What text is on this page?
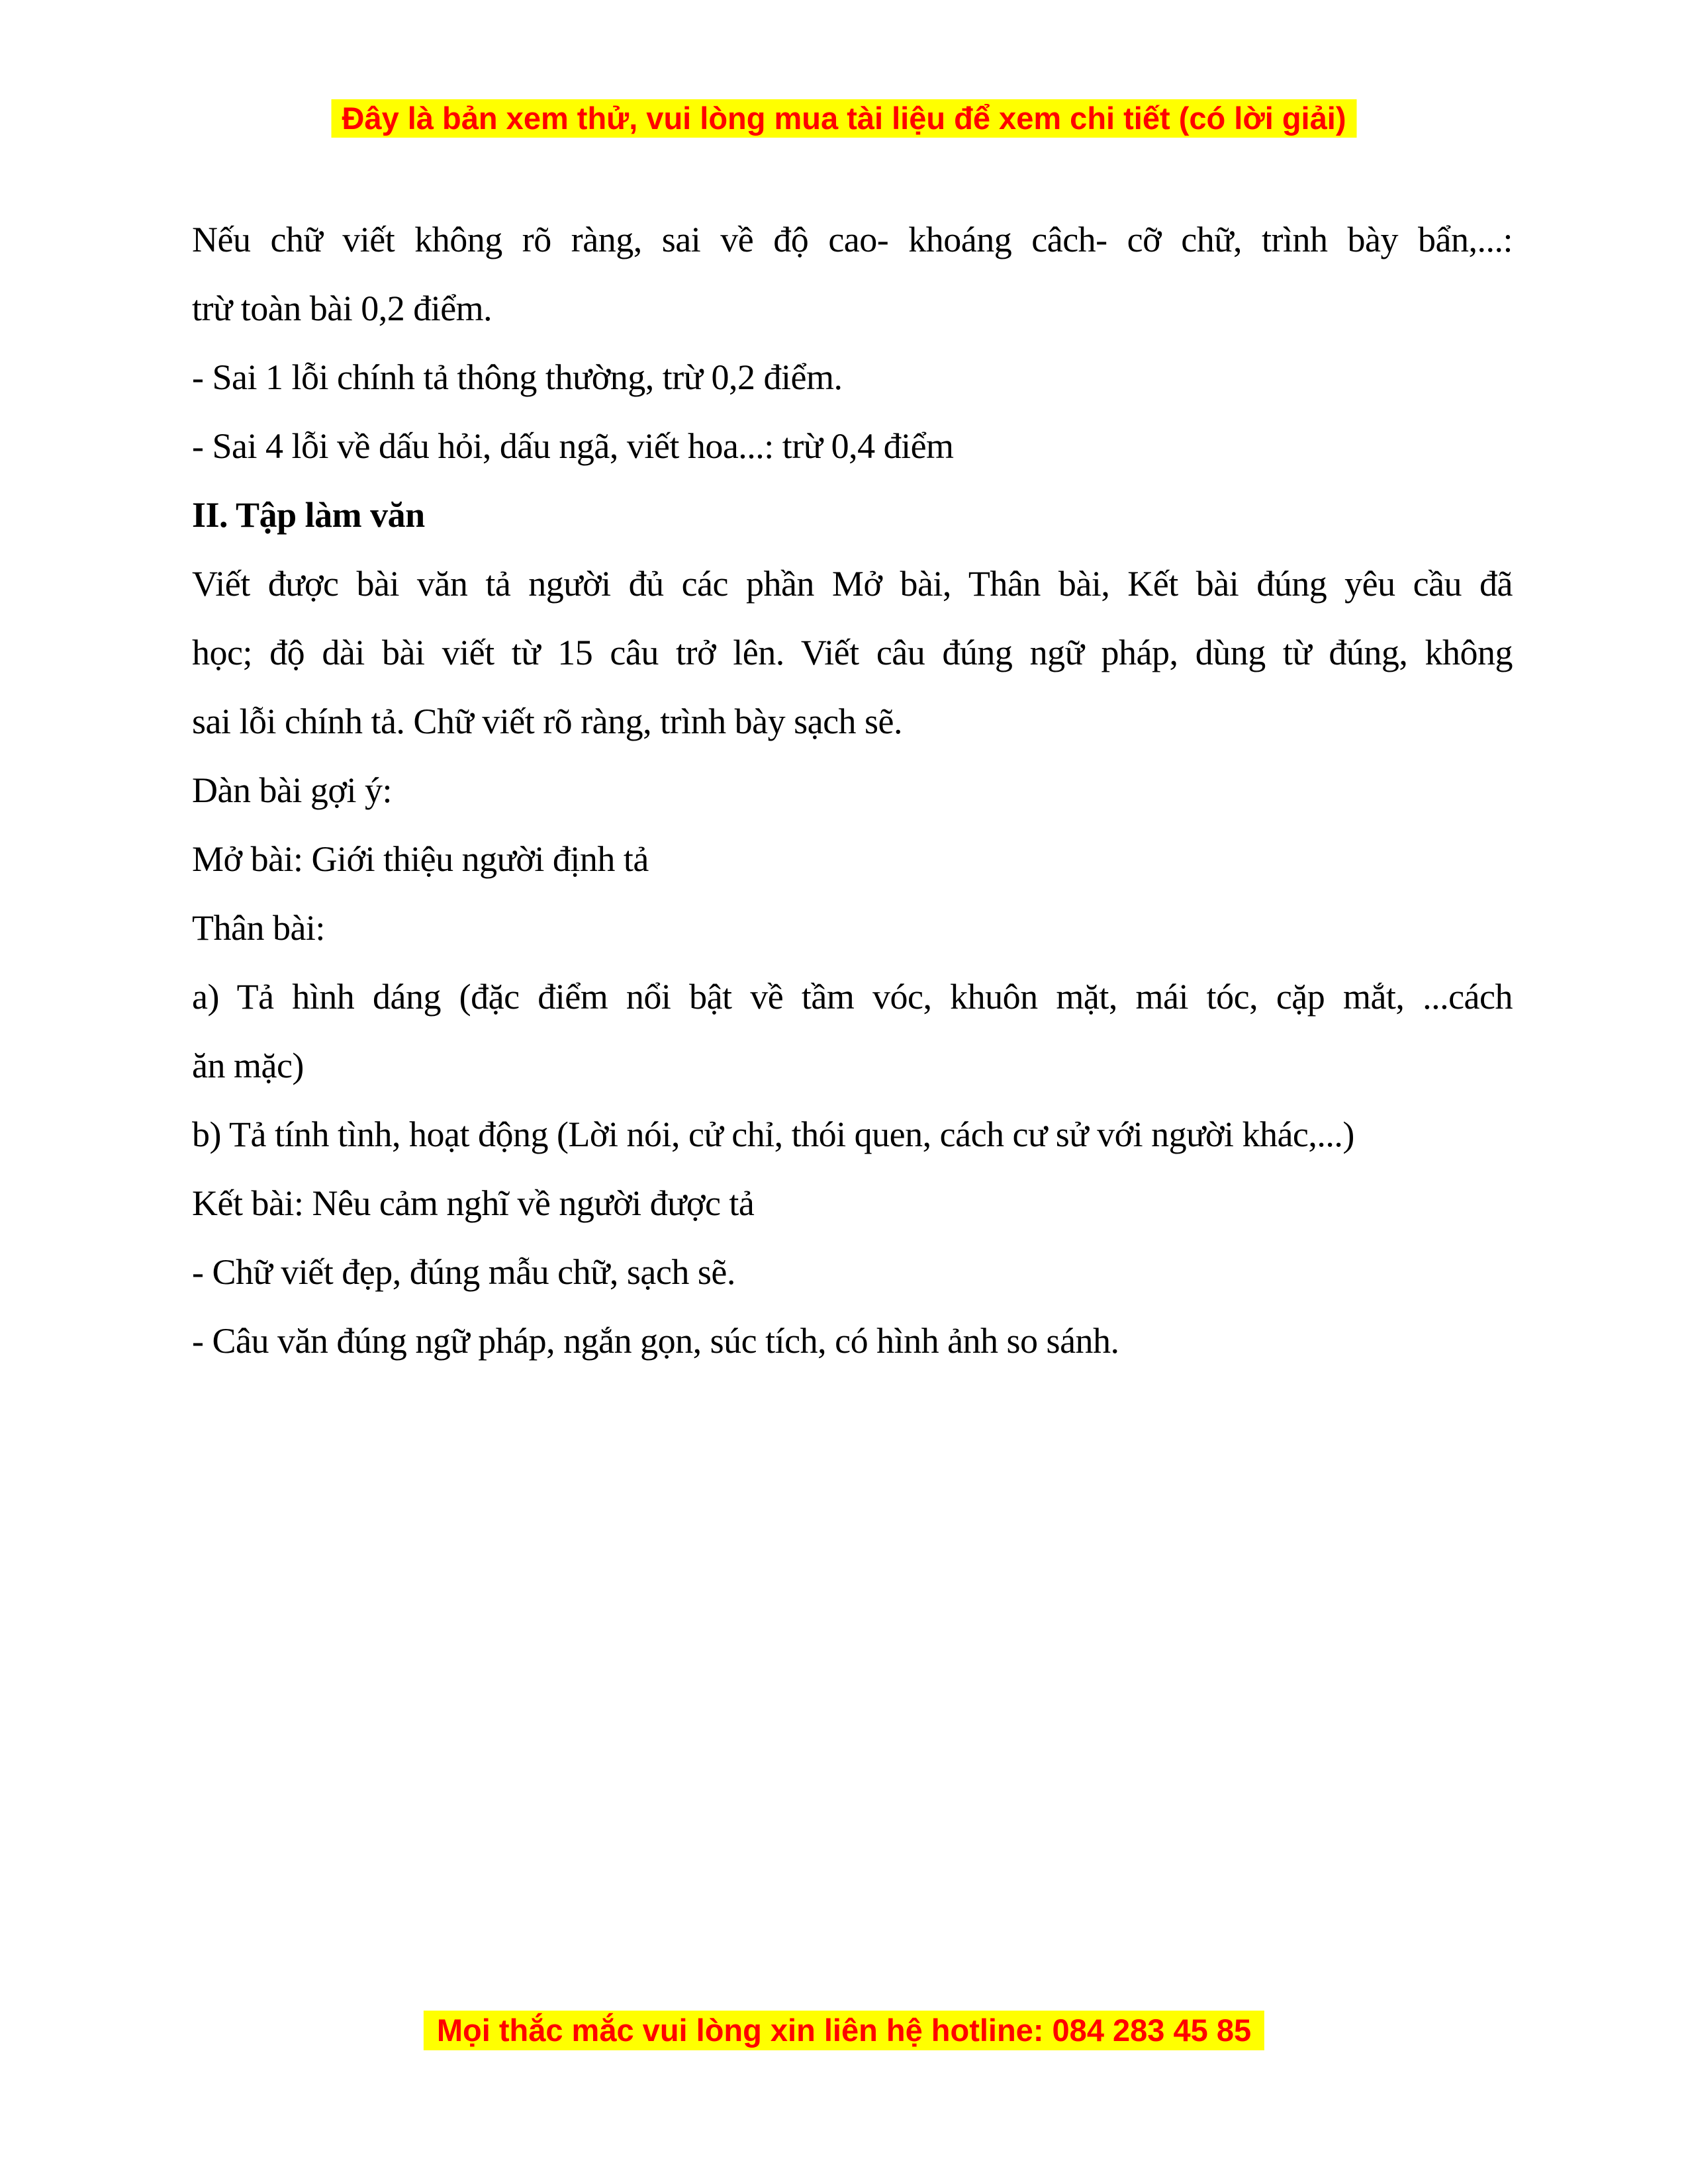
Đây là bản xem thử, vui lòng mua tài liệu để xem chi tiết (có lời giải)

Nếu chữ viết không rõ ràng, sai về độ cao- khoáng câch- cỡ chữ, trình bày bẩn,...:

trừ toàn bài 0,2 điểm.

- Sai 1 lỗi chính tả thông thường, trừ 0,2 điểm.

- Sai 4 lỗi về dấu hỏi, dấu ngã, viết hoa...: trừ 0,4 điểm

II. Tập làm văn

Viết được bài văn tả người đủ các phần Mở bài, Thân bài, Kết bài đúng yêu cầu đã

học; độ dài bài viết từ 15 câu trở lên. Viết câu đúng ngữ pháp, dùng từ đúng, không

sai lỗi chính tả. Chữ viết rõ ràng, trình bày sạch sẽ.

Dàn bài gợi ý:

Mở bài: Giới thiệu người định tả

Thân bài:

a) Tả hình dáng (đặc điểm nổi bật về tầm vóc, khuôn mặt, mái tóc, cặp mắt, ...cách

ăn mặc)

b) Tả tính tình, hoạt động (Lời nói, cử chỉ, thói quen, cách cư sử với người khác,...)

Kết bài: Nêu cảm nghĩ về người được tả

- Chữ viết đẹp, đúng mẫu chữ, sạch sẽ.

- Câu văn đúng ngữ pháp, ngắn gọn, súc tích, có hình ảnh so sánh.

Mọi thắc mắc vui lòng xin liên hệ hotline: 084 283 45 85
